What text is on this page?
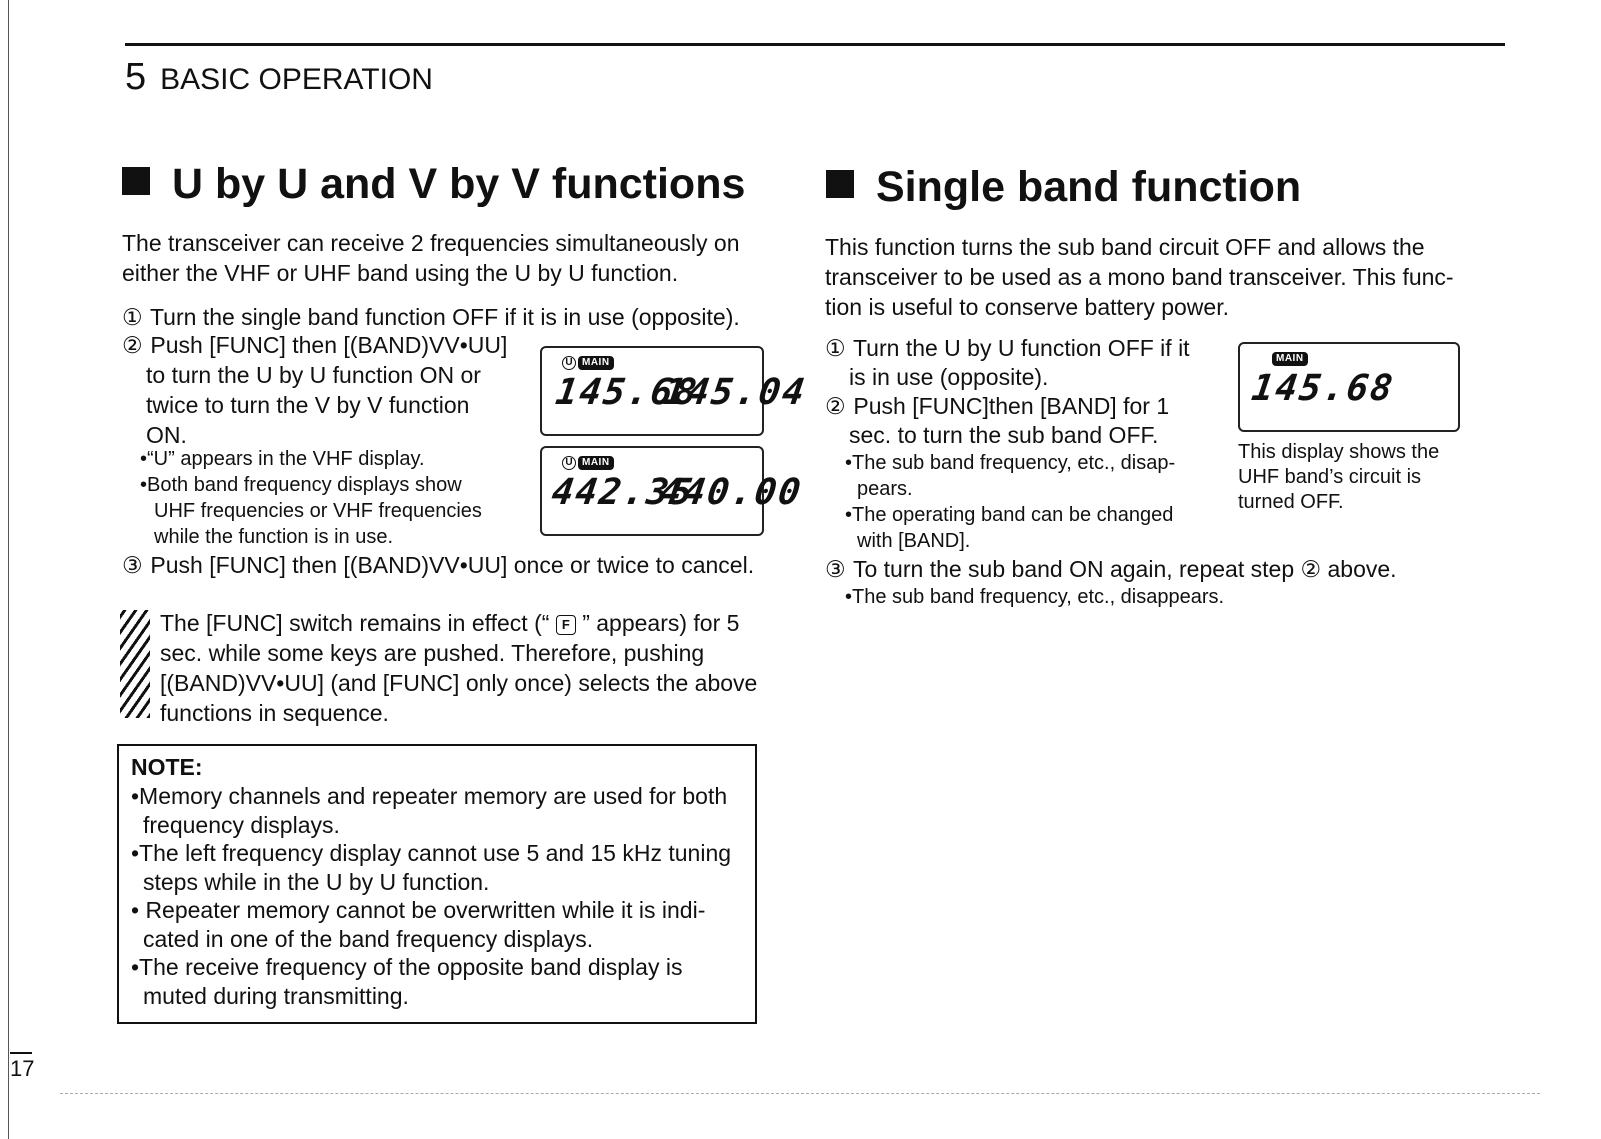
17
5 BASIC OPERATION
U by U and V by V functions
The transceiver can receive 2 frequencies simultaneously on either the VHF or UHF band using the U by U function.
① Turn the single band function OFF if it is in use (opposite).
② Push [FUNC] then [(BAND)VV•UU]
to turn the U by U function ON or
twice to turn the V by V function
ON.
•“U” appears in the VHF display.
•Both band frequency displays show
UHF frequencies or VHF frequencies
while the function is in use.
U MAIN
145.68
145.04
U MAIN
442.35
440.00
③ Push [FUNC] then [(BAND)VV•UU] once or twice to cancel.
The [FUNC] switch remains in effect (“ F ” appears) for 5
sec. while some keys are pushed. Therefore, pushing
[(BAND)VV•UU] (and [FUNC] only once) selects the above
functions in sequence.
NOTE:
•Memory channels and repeater memory are used for both
frequency displays.
•The left frequency display cannot use 5 and 15 kHz tuning
steps while in the U by U function.
• Repeater memory cannot be overwritten while it is indi-
cated in one of the band frequency displays.
•The receive frequency of the opposite band display is
muted during transmitting.
Single band function
This function turns the sub band circuit OFF and allows the
transceiver to be used as a mono band transceiver. This func-
tion is useful to conserve battery power.
① Turn the U by U function OFF if it
is in use (opposite).
② Push [FUNC]then [BAND] for 1
sec. to turn the sub band OFF.
•The sub band frequency, etc., disap-
pears.
•The operating band can be changed
with [BAND].
③ To turn the sub band ON again, repeat step ② above.
•The sub band frequency, etc., disappears.
MAIN
145.68
This display shows the
UHF band’s circuit is
turned OFF.
